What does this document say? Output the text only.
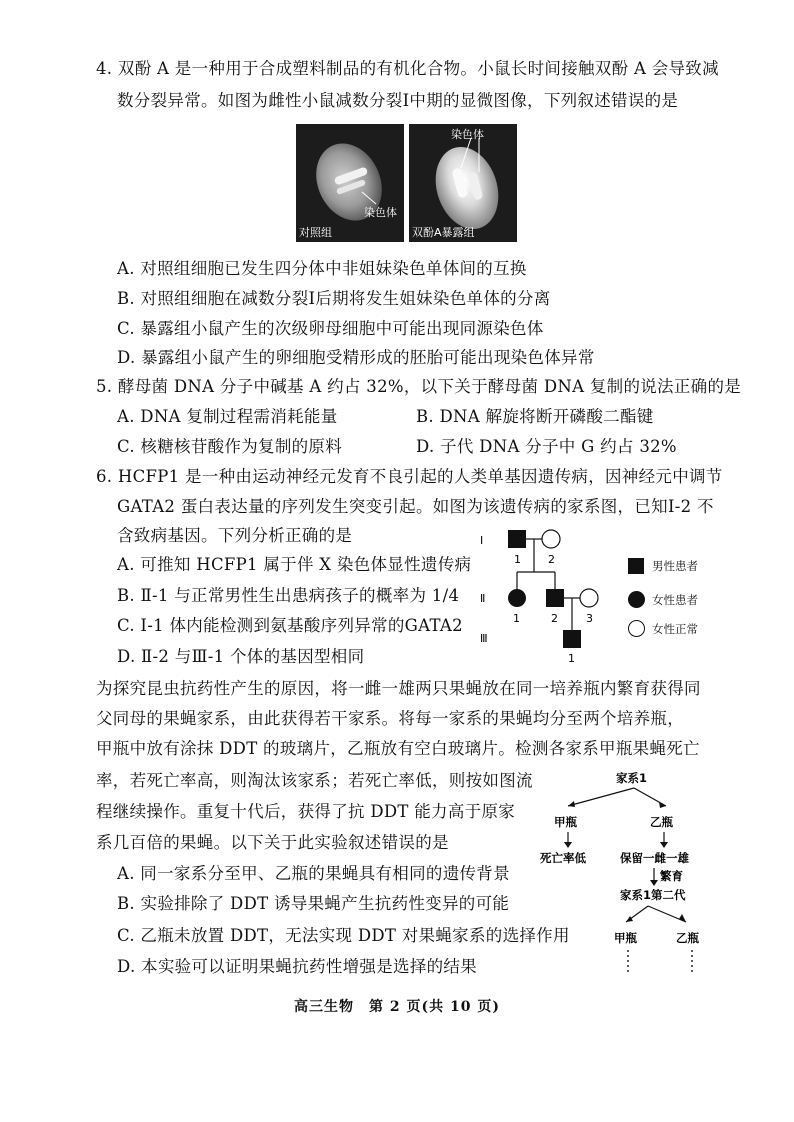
4. 双酚 A 是一种用于合成塑料制品的有机化合物。小鼠长时间接触双酚 A 会导致减
数分裂异常。如图为雌性小鼠减数分裂Ⅰ中期的显微图像，下列叙述错误的是
染色体
对照组
染色体
双酚A暴露组
A. 对照组细胞已发生四分体中非姐妹染色单体间的互换
B. 对照组细胞在减数分裂Ⅰ后期将发生姐妹染色单体的分离
C. 暴露组小鼠产生的次级卵母细胞中可能出现同源染色体
D. 暴露组小鼠产生的卵细胞受精形成的胚胎可能出现染色体异常
5. 酵母菌 DNA 分子中碱基 A 约占 32%，以下关于酵母菌 DNA 复制的说法正确的是
A. DNA 复制过程需消耗能量	B. DNA 解旋将断开磷酸二酯键
C. 核糖核苷酸作为复制的原料	D. 子代 DNA 分子中 G 约占 32%
6. HCFP1 是一种由运动神经元发育不良引起的人类单基因遗传病，因神经元中调节
GATA2 蛋白表达量的序列发生突变引起。如图为该遗传病的家系图，已知Ⅰ-2 不
含致病基因。下列分析正确的是
A. 可推知 HCFP1 属于伴 X 染色体显性遗传病
B. Ⅱ-1 与正常男性生出患病孩子的概率为 1/4
C. Ⅰ-1 体内能检测到氨基酸序列异常的GATA2
D. Ⅱ-2 与Ⅲ-1 个体的基因型相同
Ⅰ
Ⅱ
Ⅲ
1 2
1	2	3
1
男性患者
女性患者
女性正常
为探究昆虫抗药性产生的原因，将一雌一雄两只果蝇放在同一培养瓶内繁育获得同
父同母的果蝇家系，由此获得若干家系。将每一家系的果蝇均分至两个培养瓶，
甲瓶中放有涂抹 DDT 的玻璃片，乙瓶放有空白玻璃片。检测各家系甲瓶果蝇死亡
率，若死亡率高，则淘汰该家系；若死亡率低，则按如图流
程继续操作。重复十代后，获得了抗 DDT 能力高于原家
系几百倍的果蝇。以下关于此实验叙述错误的是
A. 同一家系分至甲、乙瓶的果蝇具有相同的遗传背景
B. 实验排除了 DDT 诱导果蝇产生抗药性变异的可能
C. 乙瓶未放置 DDT，无法实现 DDT 对果蝇家系的选择作用
D. 本实验可以证明果蝇抗药性增强是选择的结果
家系1
甲瓶	乙瓶
死亡率低	保留一雌一雄
繁育
家系1第二代
甲瓶	乙瓶
高三生物　第 2 页(共 10 页)
